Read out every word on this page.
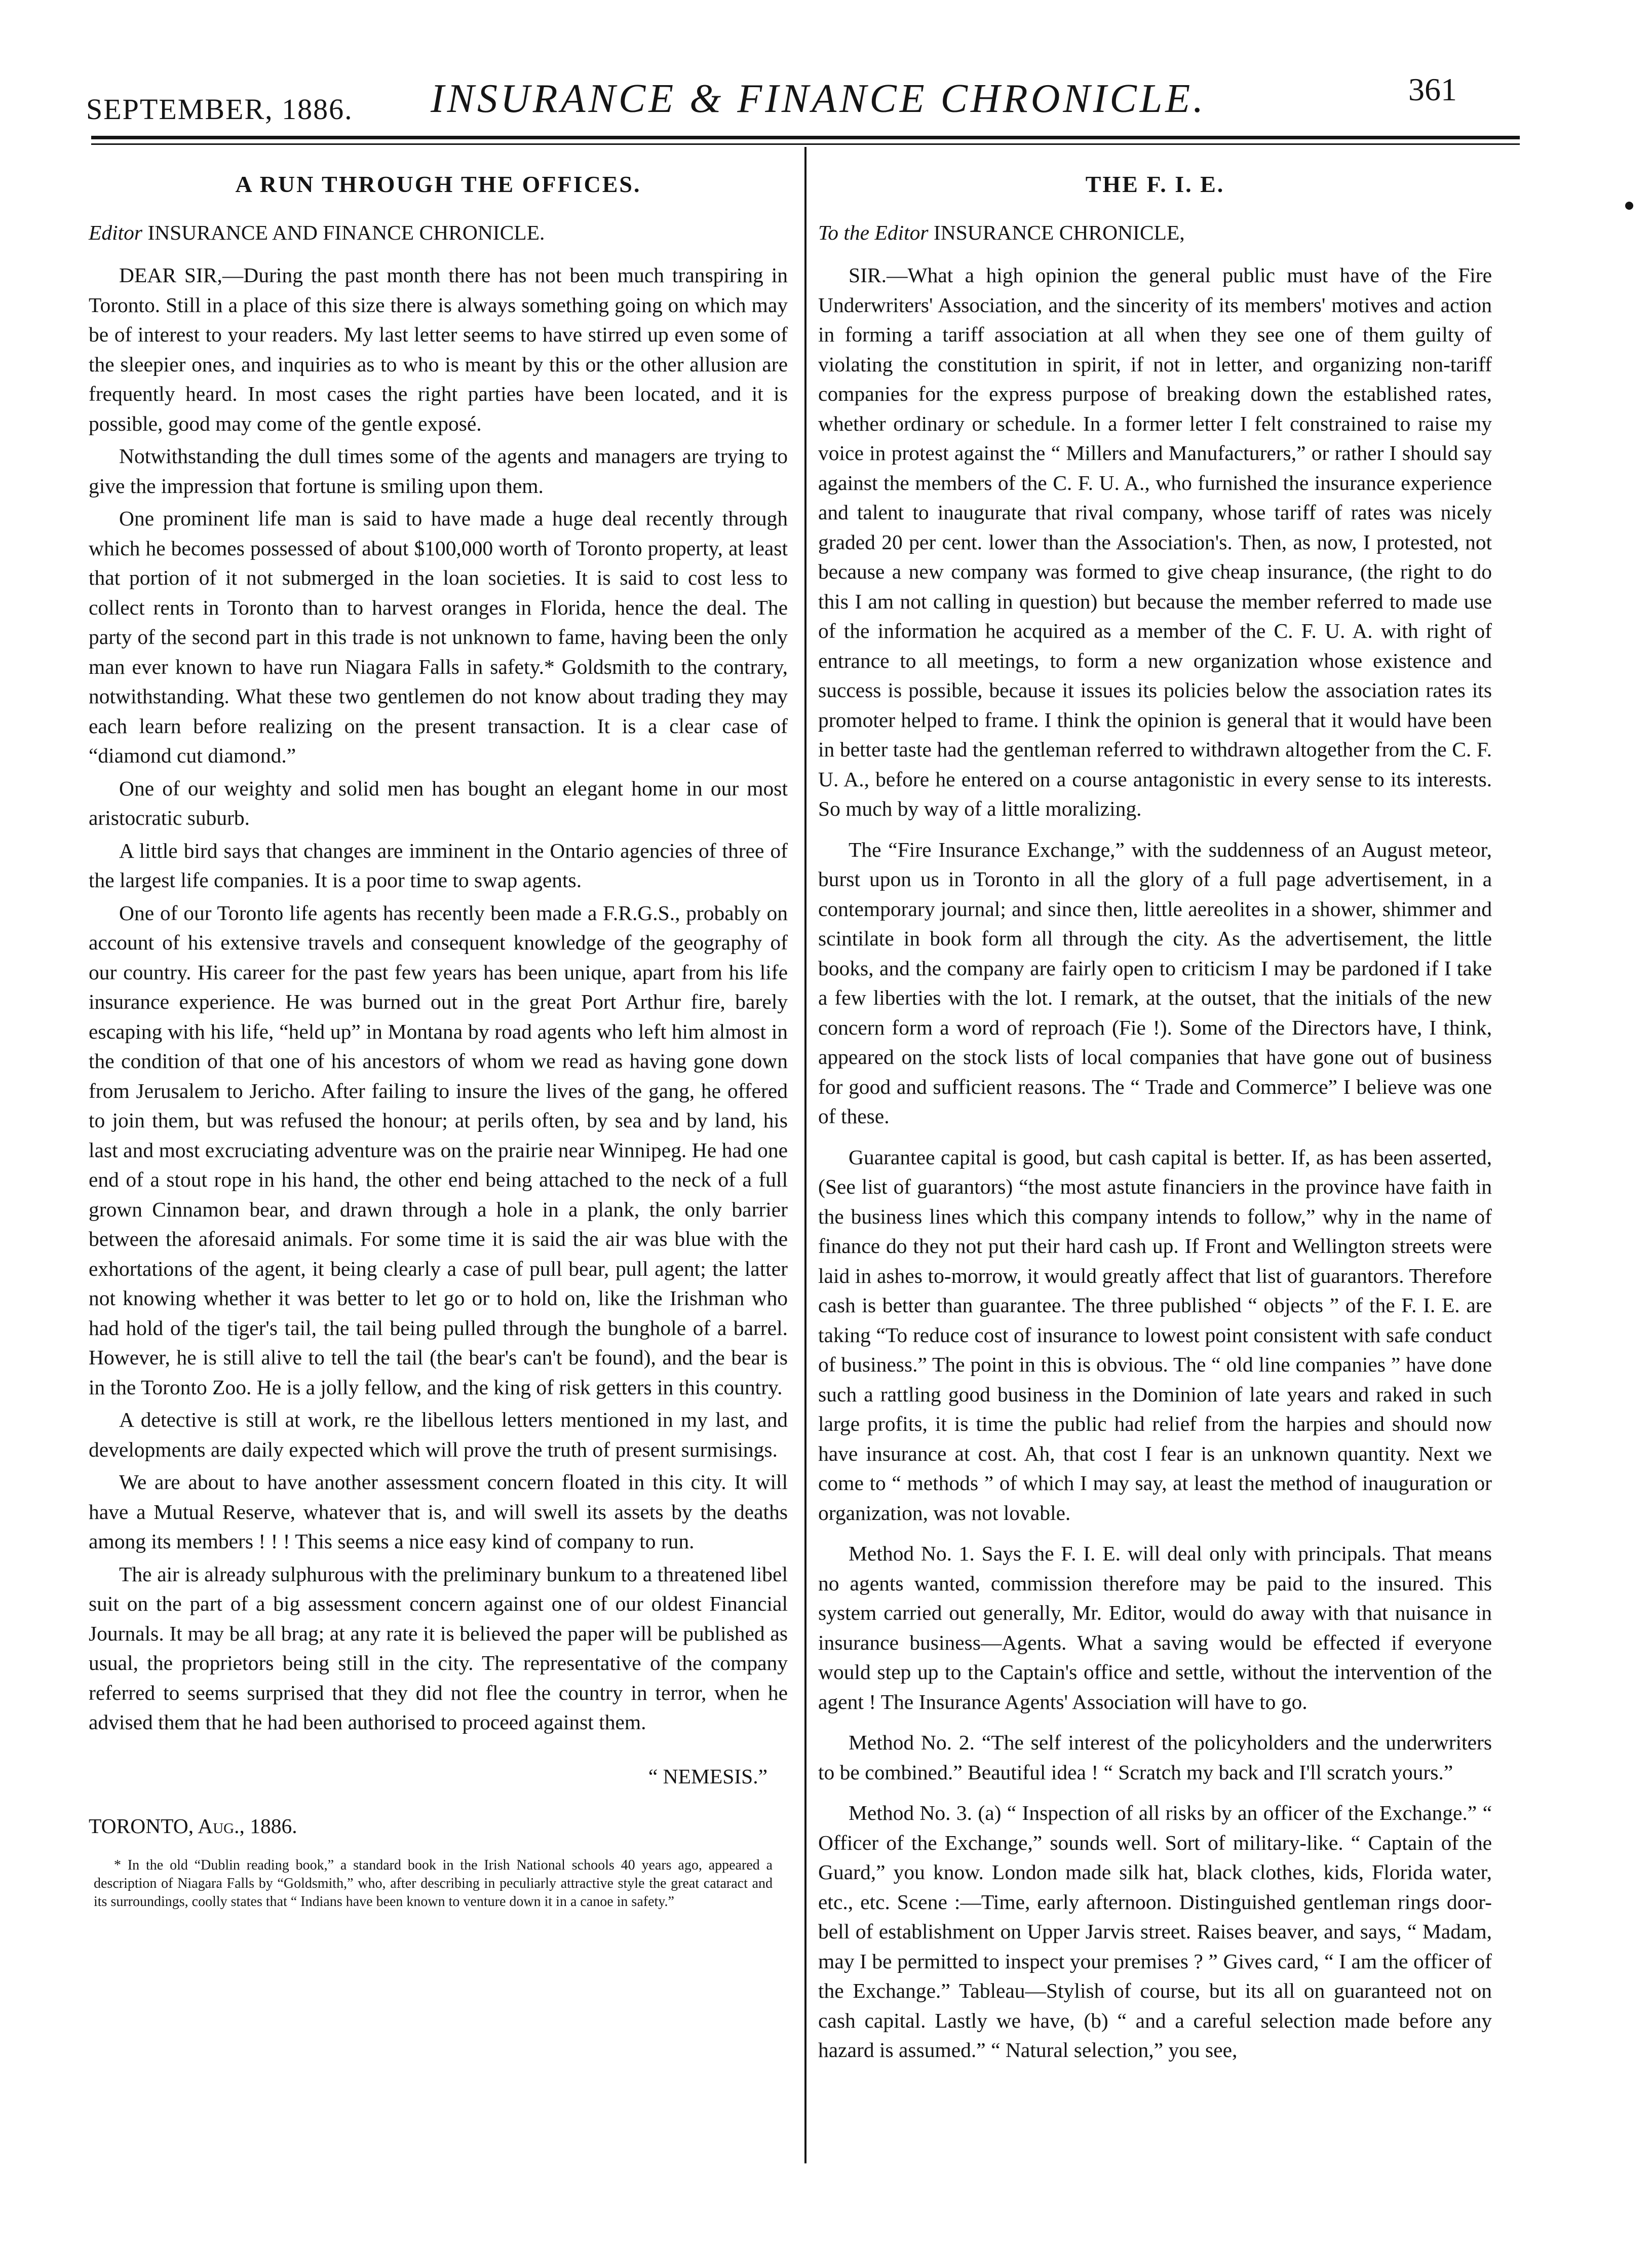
SEPTEMBER, 1886. INSURANCE & FINANCE CHRONICLE.	361
A RUN THROUGH THE OFFICES.
Editor INSURANCE AND FINANCE CHRONICLE.

DEAR SIR,—During the past month there has not been much transpiring in Toronto. Still in a place of this size there is always something going on which may be of interest to your readers. My last letter seems to have stirred up even some of the sleepier ones, and inquiries as to who is meant by this or the other allusion are frequently heard. In most cases the right parties have been located, and it is possible, good may come of the gentle exposé.

Notwithstanding the dull times some of the agents and managers are trying to give the impression that fortune is smiling upon them.

One prominent life man is said to have made a huge deal recently through which he becomes possessed of about $100,000 worth of Toronto property, at least that portion of it not submerged in the loan societies. It is said to cost less to collect rents in Toronto than to harvest oranges in Florida, hence the deal. The party of the second part in this trade is not unknown to fame, having been the only man ever known to have run Niagara Falls in safety.* Goldsmith to the contrary, notwithstanding. What these two gentlemen do not know about trading they may each learn before realizing on the present transaction. It is a clear case of “diamond cut diamond.”

One of our weighty and solid men has bought an elegant home in our most aristocratic suburb.

A little bird says that changes are imminent in the Ontario agencies of three of the largest life companies. It is a poor time to swap agents.

One of our Toronto life agents has recently been made a F.R.G.S., probably on account of his extensive travels and consequent knowledge of the geography of our country. His career for the past few years has been unique, apart from his life insurance experience. He was burned out in the great Port Arthur fire, barely escaping with his life, “held up” in Montana by road agents who left him almost in the condition of that one of his ancestors of whom we read as having gone down from Jerusalem to Jericho. After failing to insure the lives of the gang, he offered to join them, but was refused the honour; at perils often, by sea and by land, his last and most excruciating adventure was on the prairie near Winnipeg. He had one end of a stout rope in his hand, the other end being attached to the neck of a full grown Cinnamon bear, and drawn through a hole in a plank, the only barrier between the aforesaid animals. For some time it is said the air was blue with the exhortations of the agent, it being clearly a case of pull bear, pull agent; the latter not knowing whether it was better to let go or to hold on, like the Irishman who had hold of the tiger's tail, the tail being pulled through the bunghole of a barrel. However, he is still alive to tell the tail (the bear's can't be found), and the bear is in the Toronto Zoo. He is a jolly fellow, and the king of risk getters in this country.

A detective is still at work, re the libellous letters mentioned in my last, and developments are daily expected which will prove the truth of present surmisings.

We are about to have another assessment concern floated in this city. It will have a Mutual Reserve, whatever that is, and will swell its assets by the deaths among its members ! ! ! This seems a nice easy kind of company to run.

The air is already sulphurous with the preliminary bunkum to a threatened libel suit on the part of a big assessment concern against one of our oldest Financial Journals. It may be all brag; at any rate it is believed the paper will be published as usual, the proprietors being still in the city. The representative of the company referred to seems surprised that they did not flee the country in terror, when he advised them that he had been authorised to proceed against them.

“ NEMESIS.”
TORONTO, Aug., 1886.

* In the old “Dublin reading book,” a standard book in the Irish National schools 40 years ago, appeared a description of Niagara Falls by “Goldsmith,” who, after describing in peculiarly attractive style the great cataract and its surroundings, coolly states that “ Indians have been known to venture down it in a canoe in safety.”

THE F. I. E.
To the Editor INSURANCE CHRONICLE,

SIR.—What a high opinion the general public must have of the Fire Underwriters' Association, and the sincerity of its members' motives and action in forming a tariff association at all when they see one of them guilty of violating the constitution in spirit, if not in letter, and organizing non-tariff companies for the express purpose of breaking down the established rates, whether ordinary or schedule. In a former letter I felt constrained to raise my voice in protest against the “ Millers and Manufacturers,” or rather I should say against the members of the C. F. U. A., who furnished the insurance experience and talent to inaugurate that rival company, whose tariff of rates was nicely graded 20 per cent. lower than the Association's. Then, as now, I protested, not because a new company was formed to give cheap insurance, (the right to do this I am not calling in question) but because the member referred to made use of the information he acquired as a member of the C. F. U. A. with right of entrance to all meetings, to form a new organization whose existence and success is possible, because it issues its policies below the association rates its promoter helped to frame. I think the opinion is general that it would have been in better taste had the gentleman referred to withdrawn altogether from the C. F. U. A., before he entered on a course antagonistic in every sense to its interests. So much by way of a little moralizing.

The “Fire Insurance Exchange,” with the suddenness of an August meteor, burst upon us in Toronto in all the glory of a full page advertisement, in a contemporary journal; and since then, little aereolites in a shower, shimmer and scintilate in book form all through the city. As the advertisement, the little books, and the company are fairly open to criticism I may be pardoned if I take a few liberties with the lot. I remark, at the outset, that the initials of the new concern form a word of reproach (Fie !). Some of the Directors have, I think, appeared on the stock lists of local companies that have gone out of business for good and sufficient reasons. The “ Trade and Commerce” I believe was one of these.

Guarantee capital is good, but cash capital is better. If, as has been asserted, (See list of guarantors) “the most astute financiers in the province have faith in the business lines which this company intends to follow,” why in the name of finance do they not put their hard cash up. If Front and Wellington streets were laid in ashes to-morrow, it would greatly affect that list of guarantors. Therefore cash is better than guarantee. The three published “ objects ” of the F. I. E. are taking “To reduce cost of insurance to lowest point consistent with safe conduct of business.” The point in this is obvious. The “ old line companies ” have done such a rattling good business in the Dominion of late years and raked in such large profits, it is time the public had relief from the harpies and should now have insurance at cost. Ah, that cost I fear is an unknown quantity. Next we come to “ methods ” of which I may say, at least the method of inauguration or organization, was not lovable.

Method No. 1. Says the F. I. E. will deal only with principals. That means no agents wanted, commission therefore may be paid to the insured. This system carried out generally, Mr. Editor, would do away with that nuisance in insurance business—Agents. What a saving would be effected if everyone would step up to the Captain's office and settle, without the intervention of the agent ! The Insurance Agents' Association will have to go.

Method No. 2. “The self interest of the policyholders and the underwriters to be combined.” Beautiful idea ! “ Scratch my back and I'll scratch yours.”

Method No. 3. (a) “ Inspection of all risks by an officer of the Exchange.” “ Officer of the Exchange,” sounds well. Sort of military-like. “ Captain of the Guard,” you know. London made silk hat, black clothes, kids, Florida water, etc., etc. Scene :—Time, early afternoon. Distinguished gentleman rings door-bell of establishment on Upper Jarvis street. Raises beaver, and says, “ Madam, may I be permitted to inspect your premises ? ” Gives card, “ I am the officer of the Exchange.” Tableau—Stylish of course, but its all on guaranteed not on cash capital. Lastly we have, (b) “ and a careful selection made before any hazard is assumed.” “ Natural selection,” you see,
